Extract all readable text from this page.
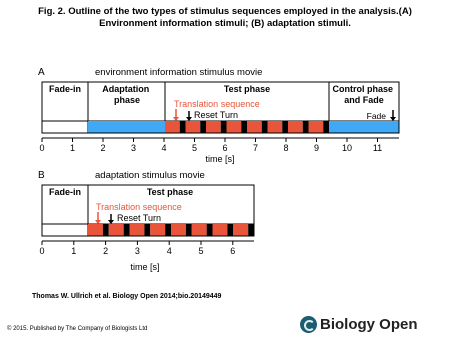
Fig. 2. Outline of the two types of stimulus sequences employed in the analysis.(A) Environment information stimuli; (B) adaptation stimuli.
A	environment information stimulus movie
Fade-in Adaptation phase
Test phase	Control phase and Fade
Translation sequence
Reset Turn	Fade
0	1	2	3	4	5	6	7	8	9	10 11
time [s]
B	adaptation stimulus movie
Fade-in	Test phase
Translation sequence
Reset Turn
0	1	2	3	4	5	6
time [s]
Thomas W. Ullrich et al. Biology Open 2014;bio.20149449
© 2015. Published by The Company of Biologists Ltd	Biology Open
